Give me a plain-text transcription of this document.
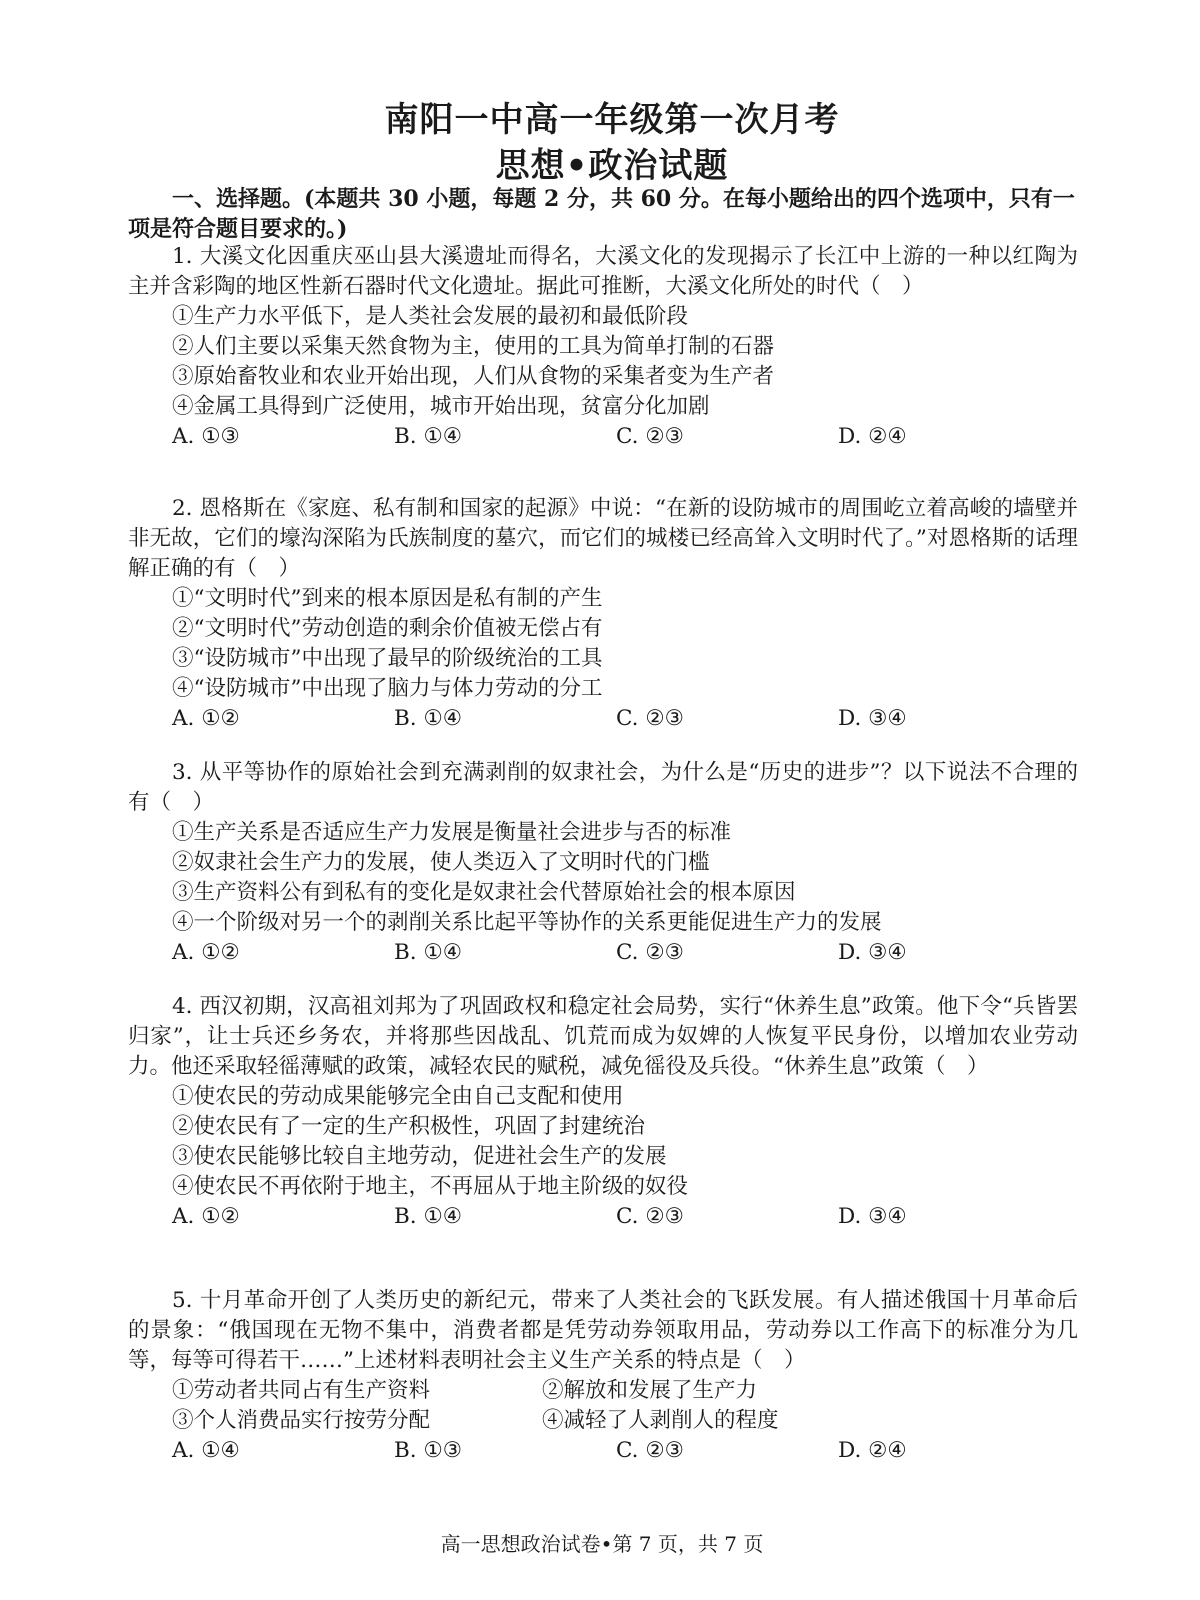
南阳一中高一年级第一次月考
思想•政治试题
一、选择题。(本题共 30 小题，每题 2 分，共 60 分。在每小题给出的四个选项中，只有一项是符合题目要求的。)
1. 大溪文化因重庆巫山县大溪遗址而得名，大溪文化的发现揭示了长江中上游的一种以红陶为主并含彩陶的地区性新石器时代文化遗址。据此可推断，大溪文化所处的时代（　）
①生产力水平低下，是人类社会发展的最初和最低阶段
②人们主要以采集天然食物为主，使用的工具为简单打制的石器
③原始畜牧业和农业开始出现，人们从食物的采集者变为生产者
④金属工具得到广泛使用，城市开始出现，贫富分化加剧
A. ①③	B. ①④	C. ②③	D. ②④
2. 恩格斯在《家庭、私有制和国家的起源》中说：“在新的设防城市的周围屹立着高峻的墙壁并非无故，它们的壕沟深陷为氏族制度的墓穴，而它们的城楼已经高耸入文明时代了。”对恩格斯的话理解正确的有（　）
①“文明时代”到来的根本原因是私有制的产生
②“文明时代”劳动创造的剩余价值被无偿占有
③“设防城市”中出现了最早的阶级统治的工具
④“设防城市”中出现了脑力与体力劳动的分工
A. ①②	B. ①④	C. ②③	D. ③④
3. 从平等协作的原始社会到充满剥削的奴隶社会，为什么是“历史的进步”？以下说法不合理的有（　）
①生产关系是否适应生产力发展是衡量社会进步与否的标准
②奴隶社会生产力的发展，使人类迈入了文明时代的门槛
③生产资料公有到私有的变化是奴隶社会代替原始社会的根本原因
④一个阶级对另一个的剥削关系比起平等协作的关系更能促进生产力的发展
A. ①②	B. ①④	C. ②③	D. ③④
4. 西汉初期，汉高祖刘邦为了巩固政权和稳定社会局势，实行“休养生息”政策。他下令“兵皆罢归家”，让士兵还乡务农，并将那些因战乱、饥荒而成为奴婢的人恢复平民身份，以增加农业劳动力。他还采取轻徭薄赋的政策，减轻农民的赋税，减免徭役及兵役。“休养生息”政策（　）
①使农民的劳动成果能够完全由自己支配和使用
②使农民有了一定的生产积极性，巩固了封建统治
③使农民能够比较自主地劳动，促进社会生产的发展
④使农民不再依附于地主，不再屈从于地主阶级的奴役
A. ①②	B. ①④	C. ②③	D. ③④
5. 十月革命开创了人类历史的新纪元，带来了人类社会的飞跃发展。有人描述俄国十月革命后的景象：“俄国现在无物不集中，消费者都是凭劳动券领取用品，劳动券以工作高下的标准分为几等，每等可得若干……”上述材料表明社会主义生产关系的特点是（　）
①劳动者共同占有生产资料	②解放和发展了生产力
③个人消费品实行按劳分配	④减轻了人剥削人的程度
A. ①④	B. ①③	C. ②③	D. ②④
高一思想政治试卷•第 7 页，共 7 页
